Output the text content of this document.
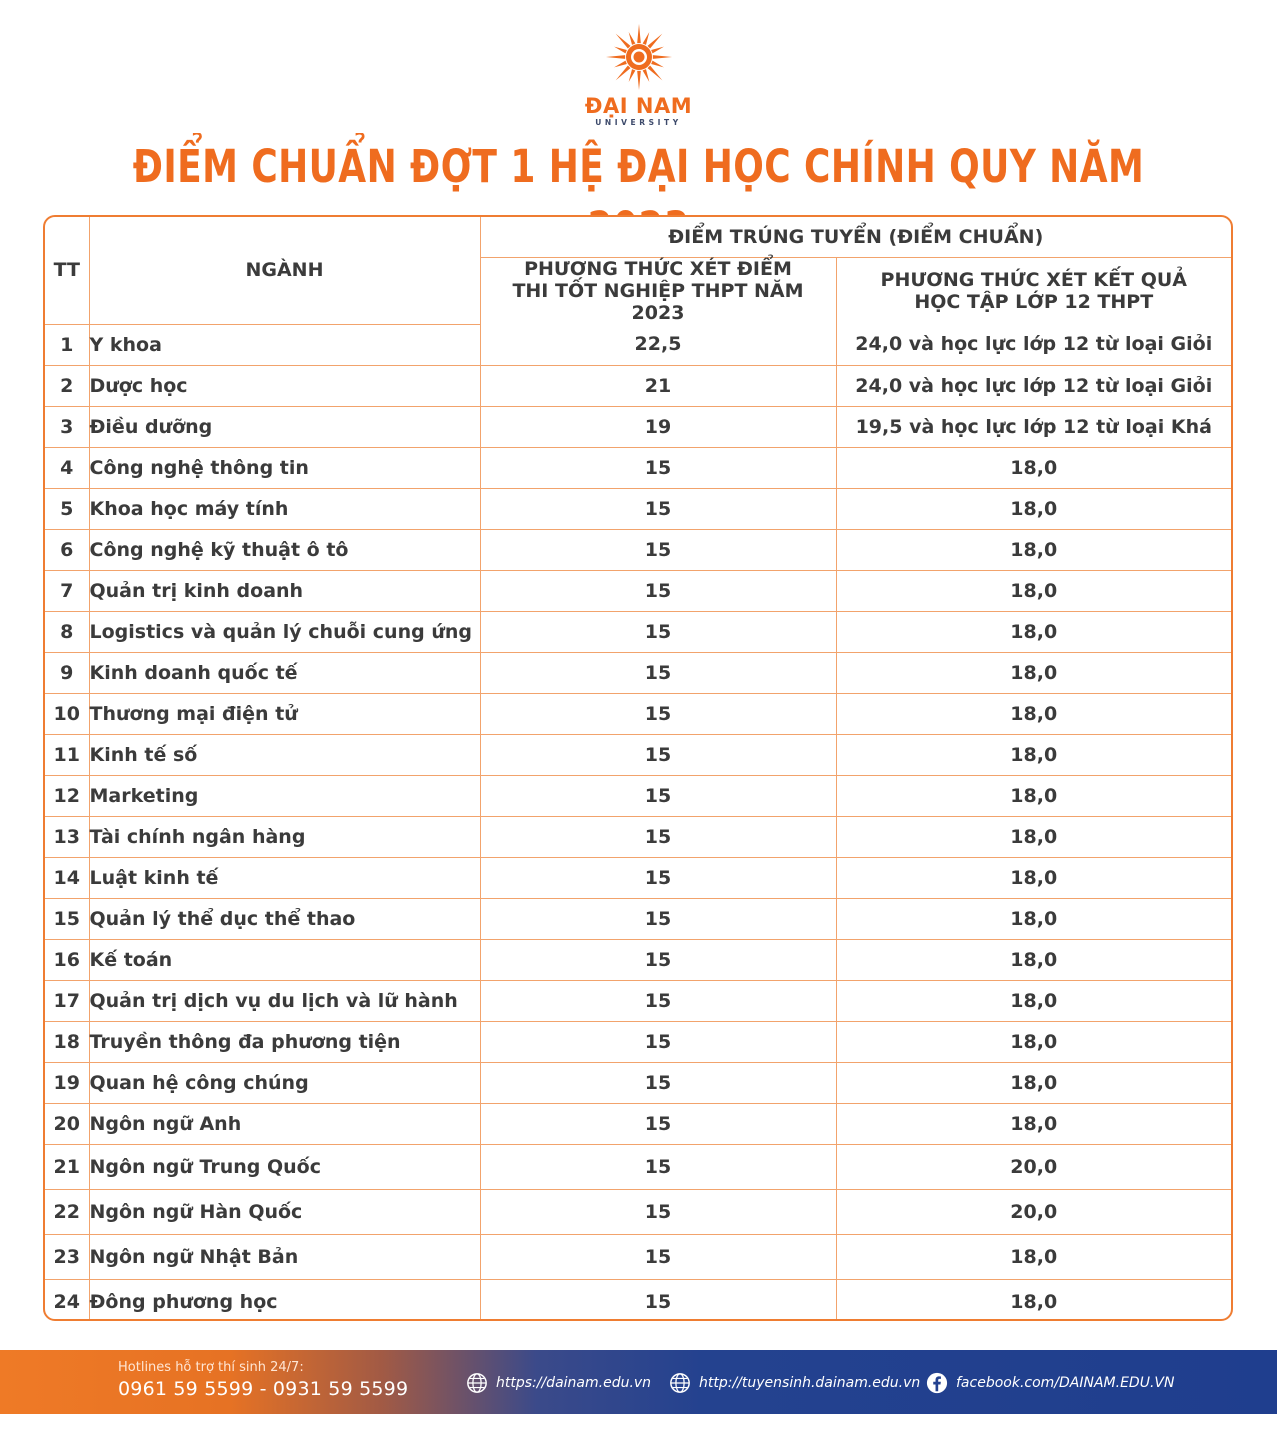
ĐẠI NAM
UNIVERSITY
ĐIỂM CHUẨN ĐỢT 1 HỆ ĐẠI HỌC CHÍNH QUY NĂM
TT	NGÀNH	ĐIỂM TRÚNG TUYỂN (ĐIỂM CHUẨN)	

		PHƯƠNG THỨC XÉT ĐIỂM THI TỐT NGHIỆP THPT NĂM 2023	PHƯƠNG THỨC XÉT KẾT QUẢ HỌC TẬP LỚP 12 THPT

1	Y khoa	22,5	24,0 và học lực lớp 12 từ loại Giỏi
2	Dược học	21	24,0 và học lực lớp 12 từ loại Giỏi
3	Điều dưỡng	19	19,5 và học lực lớp 12 từ loại Khá
4	Công nghệ thông tin	15	18,0
5	Khoa học máy tính	15	18,0
6	Công nghệ kỹ thuật ô tô	15	18,0
7	Quản trị kinh doanh	15	18,0
8	Logistics và quản lý chuỗi cung ứng	15	18,0
9	Kinh doanh quốc tế	15	18,0
10	Thương mại điện tử	15	18,0
11	Kinh tế số	15	18,0
12	Marketing	15	18,0
13	Tài chính ngân hàng	15	18,0
14	Luật kinh tế	15	18,0
15	Quản lý thể dục thể thao	15	18,0
16	Kế toán	15	18,0
17	Quản trị dịch vụ du lịch và lữ hành	15	18,0
18	Truyền thông đa phương tiện	15	18,0
19	Quan hệ công chúng	15	18,0
20	Ngôn ngữ Anh	15	18,0
21	Ngôn ngữ Trung Quốc	15	20,0
22	Ngôn ngữ Hàn Quốc	15	20,0
23	Ngôn ngữ Nhật Bản	15	18,0
24	Đông phương học	15	18,0
Hotlines hỗ trợ thí sinh 24/7:
0961 59 5599 - 0931 59 5599	https://dainam.edu.vn	http://tuyensinh.dainam.edu.vn	facebook.com/DAINAM.EDU.VN
